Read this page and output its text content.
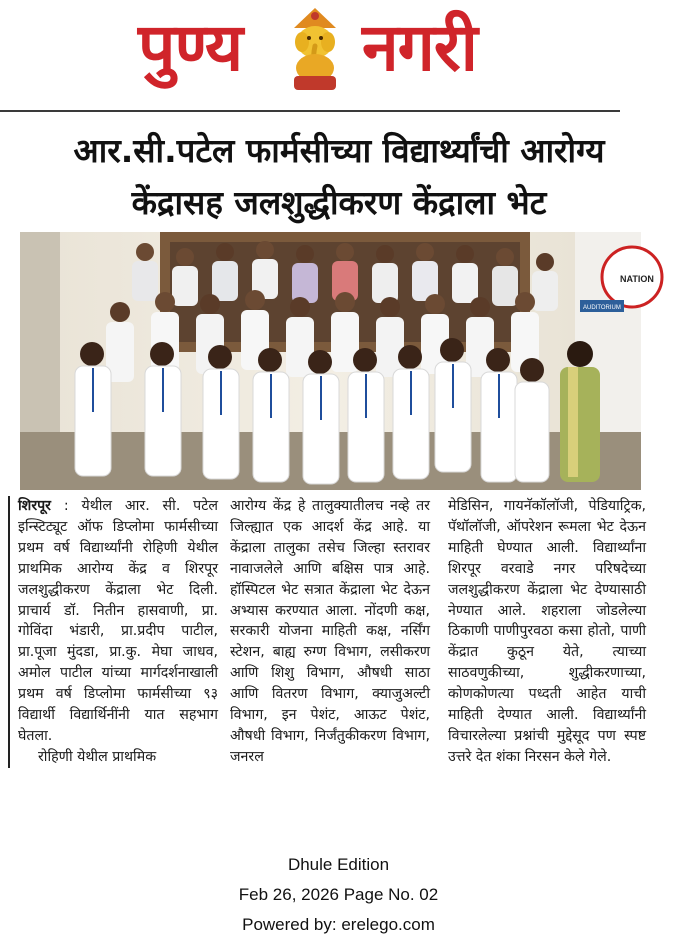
पुण्य नगरी
आर.सी.पटेल फार्मसीच्या विद्यार्थ्यांची आरोग्य
केंद्रासह जलशुद्धीकरण केंद्राला भेट
NATION
AUDITORIUM

शिरपूर : येथील आर. सी. पटेल इन्स्टिट्यूट ऑफ डिप्लोमा फार्मसीच्या प्रथम वर्ष विद्यार्थ्यांनी रोहिणी येथील प्राथमिक आरोग्य केंद्र व शिरपूर जलशुद्धीकरण केंद्राला भेट दिली. प्राचार्य डॉ. नितीन हासवाणी, प्रा. गोविंदा भंडारी, प्रा.प्रदीप पाटील, प्रा.पूजा मुंदडा, प्रा.कु. मेघा जाधव, अमोल पाटील यांच्या मार्गदर्शनाखाली प्रथम वर्ष डिप्लोमा फार्मसीच्या ९३ विद्यार्थी विद्यार्थिनींनी यात सहभाग घेतला.

रोहिणी येथील प्राथमिक

आरोग्य केंद्र हे तालुक्यातीलच नव्हे तर जिल्ह्यात एक आदर्श केंद्र आहे. या केंद्राला तालुका तसेच जिल्हा स्तरावर नावाजलेले आणि बक्षिस पात्र आहे. हॉस्पिटल भेट सत्रात केंद्राला भेट देऊन अभ्यास करण्यात आला. नोंदणी कक्ष, सरकारी योजना माहिती कक्ष, नर्सिंग स्टेशन, बाह्य रुग्ण विभाग, लसीकरण आणि शिशु विभाग, औषधी साठा आणि वितरण विभाग, क्याजुअल्टी विभाग, इन पेशंट, आऊट पेशंट, औषधी विभाग, निर्जंतुकीकरण विभाग, जनरल

मेडिसिन, गायनॅकॉलॉजी, पेडियाट्रिक, पॅथॉलॉजी, ऑपरेशन रूमला भेट देऊन माहिती घेण्यात आली. विद्यार्थ्यांना शिरपूर वरवाडे नगर परिषदेच्या जलशुद्धीकरण केंद्राला भेट देण्यासाठी नेण्यात आले. शहराला जोडलेल्या ठिकाणी पाणीपुरवठा कसा होतो, पाणी केंद्रात कुठून येते, त्याच्या साठवणुकीच्या, शुद्धीकरणाच्या, कोणकोणत्या पध्दती आहेत याची माहिती देण्यात आली. विद्यार्थ्यांनी विचारलेल्या प्रश्नांची मुद्देसूद पण स्पष्ट उत्तरे देत शंका निरसन केले गेले.

Dhule Edition
Feb 26, 2026 Page No. 02
Powered by: erelego.com
